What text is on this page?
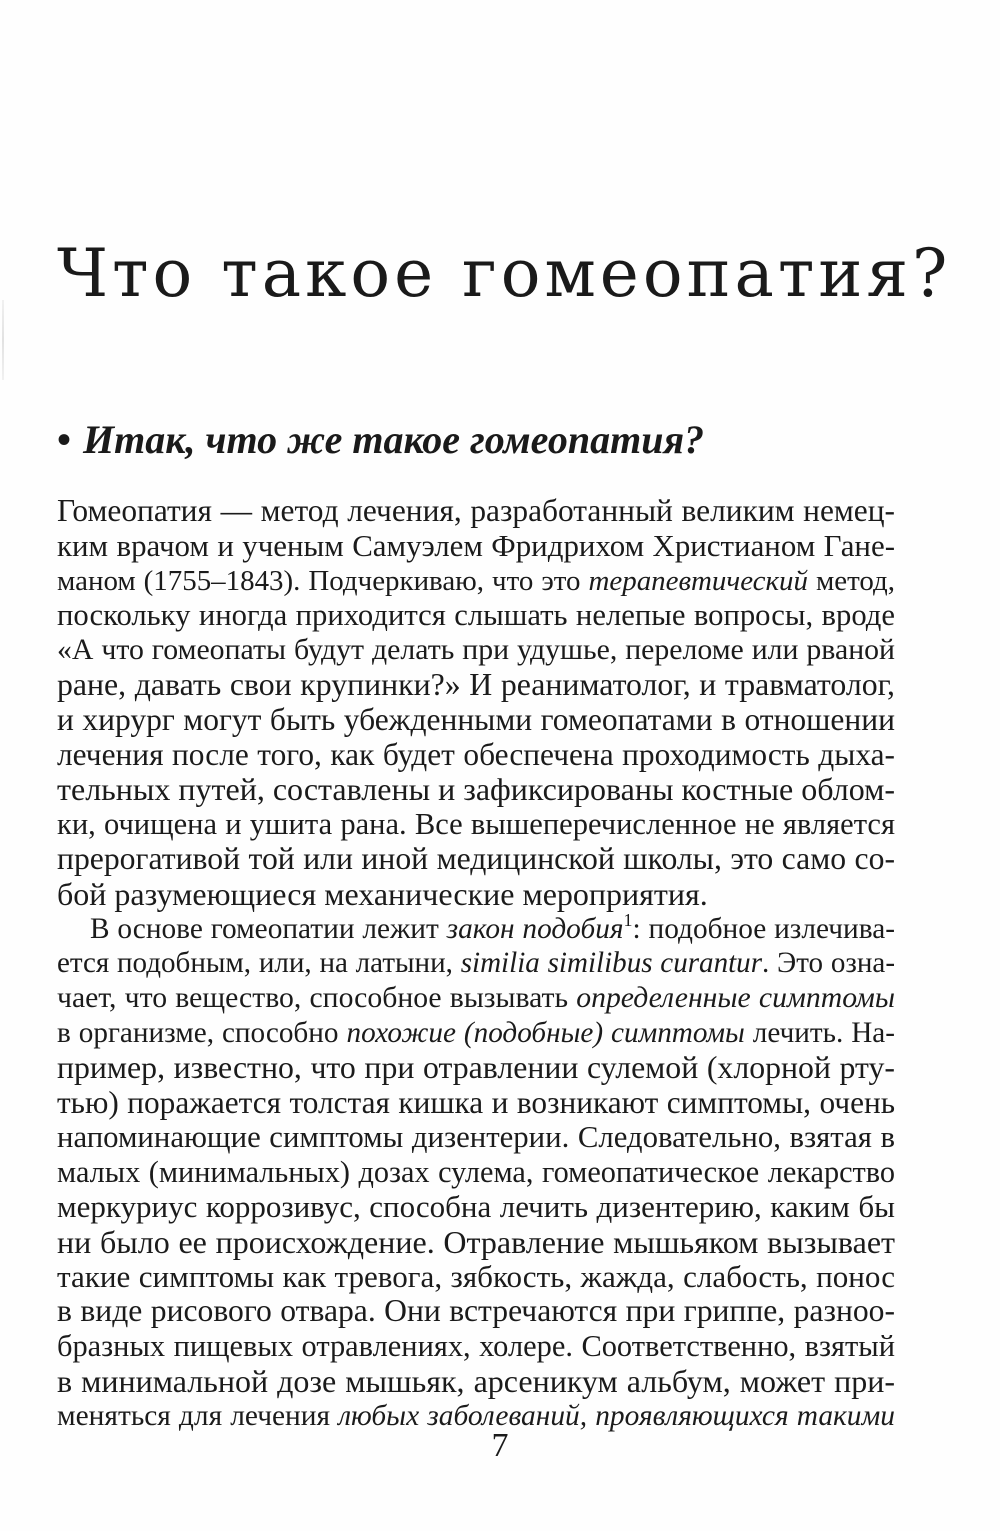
Что такое гомеопатия?
• Итак, что же такое гомеопатия?
Гомеопатия — метод лечения, разработанный великим немец-
ким врачом и ученым Самуэлем Фридрихом Христианом Гане-
маном (1755–1843). Подчеркиваю, что это терапевтический метод,
поскольку иногда приходится слышать нелепые вопросы, вроде
«А что гомеопаты будут делать при удушье, переломе или рваной
ране, давать свои крупинки?» И реаниматолог, и травматолог,
и хирург могут быть убежденными гомеопатами в отношении
лечения после того, как будет обеспечена проходимость дыха-
тельных путей, составлены и зафиксированы костные облом-
ки, очищена и ушита рана. Все вышеперечисленное не является
прерогативой той или иной медицинской школы, это само со-
бой разумеющиеся механические мероприятия.
В основе гомеопатии лежит закон подобия$^1$: подобное излечива-
ется подобным, или, на латыни, similia similibus curantur. Это озна-
чает, что вещество, способное вызывать определенные симптомы
в организме, способно похожие (подобные) симптомы лечить. На-
пример, известно, что при отравлении сулемой (хлорной рту-
тью) поражается толстая кишка и возникают симптомы, очень
напоминающие симптомы дизентерии. Следовательно, взятая в
малых (минимальных) дозах сулема, гомеопатическое лекарство
меркуриус коррозивус, способна лечить дизентерию, каким бы
ни было ее происхождение. Отравление мышьяком вызывает
такие симптомы как тревога, зябкость, жажда, слабость, понос
в виде рисового отвара. Они встречаются при гриппе, разноо-
бразных пищевых отравлениях, холере. Соответственно, взятый
в минимальной дозе мышьяк, арсеникум альбум, может при-
меняться для лечения любых заболеваний, проявляющихся такими
7
